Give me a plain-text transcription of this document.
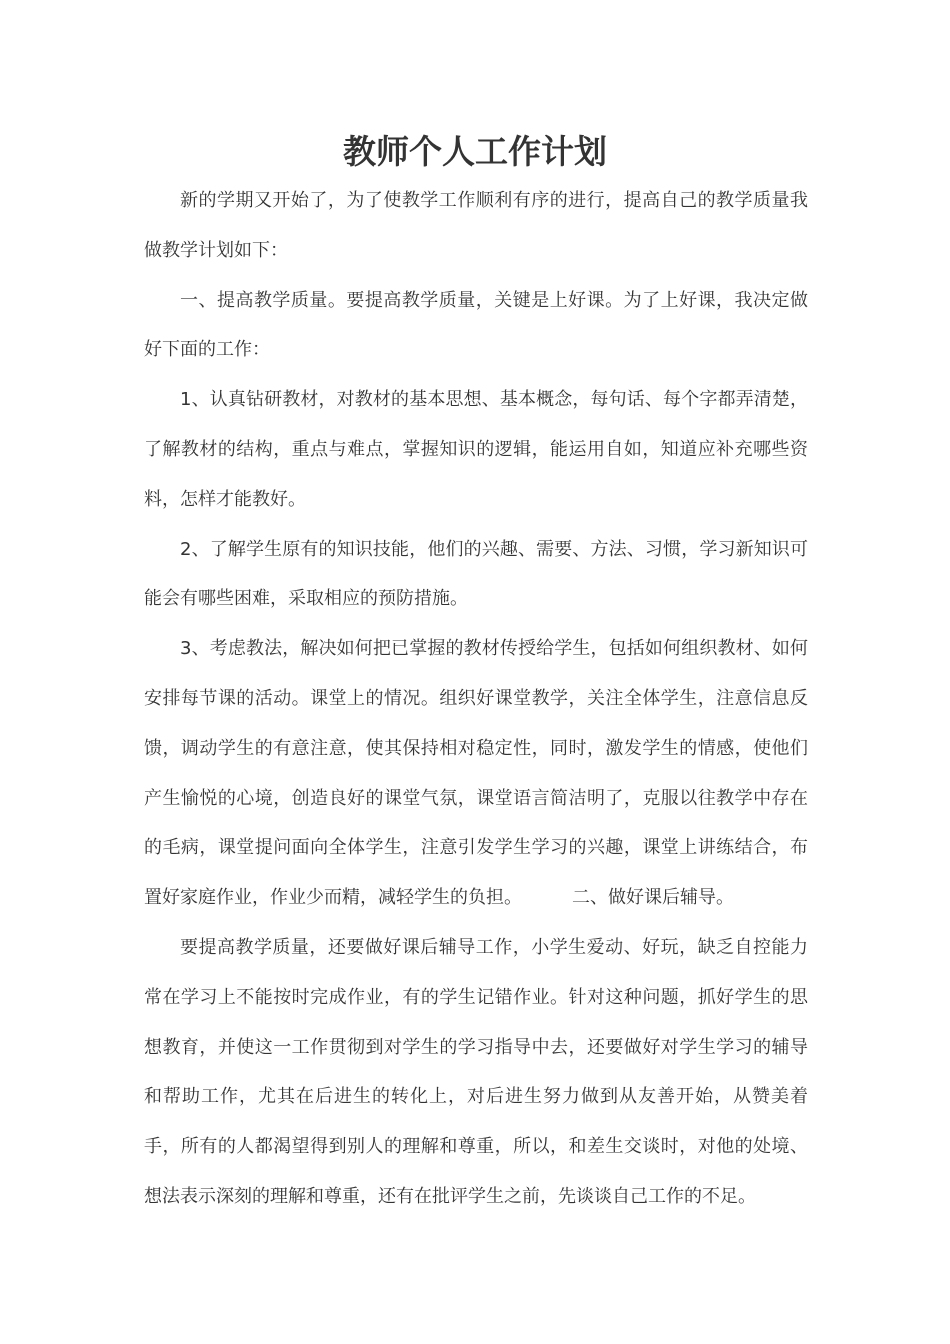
教师个人工作计划

新的学期又开始了，为了使教学工作顺利有序的进行，提高自己的教学质量我做教学计划如下：

一、提高教学质量。要提高教学质量，关键是上好课。为了上好课，我决定做好下面的工作：

1、认真钻研教材，对教材的基本思想、基本概念，每句话、每个字都弄清楚，了解教材的结构，重点与难点，掌握知识的逻辑，能运用自如，知道应补充哪些资料，怎样才能教好。

2、了解学生原有的知识技能，他们的兴趣、需要、方法、习惯，学习新知识可能会有哪些困难，采取相应的预防措施。

3、考虑教法，解决如何把已掌握的教材传授给学生，包括如何组织教材、如何安排每节课的活动。课堂上的情况。组织好课堂教学，关注全体学生，注意信息反馈，调动学生的有意注意，使其保持相对稳定性，同时，激发学生的情感，使他们产生愉悦的心境，创造良好的课堂气氛，课堂语言简洁明了，克服以往教学中存在的毛病，课堂提问面向全体学生，注意引发学生学习的兴趣，课堂上讲练结合，布置好家庭作业，作业少而精，减轻学生的负担。	二、做好课后辅导。

要提高教学质量，还要做好课后辅导工作，小学生爱动、好玩，缺乏自控能力常在学习上不能按时完成作业，有的学生记错作业。针对这种问题，抓好学生的思想教育，并使这一工作贯彻到对学生的学习指导中去，还要做好对学生学习的辅导和帮助工作，尤其在后进生的转化上，对后进生努力做到从友善开始，从赞美着手，所有的人都渴望得到别人的理解和尊重，所以，和差生交谈时，对他的处境、想法表示深刻的理解和尊重，还有在批评学生之前，先谈谈自己工作的不足。
